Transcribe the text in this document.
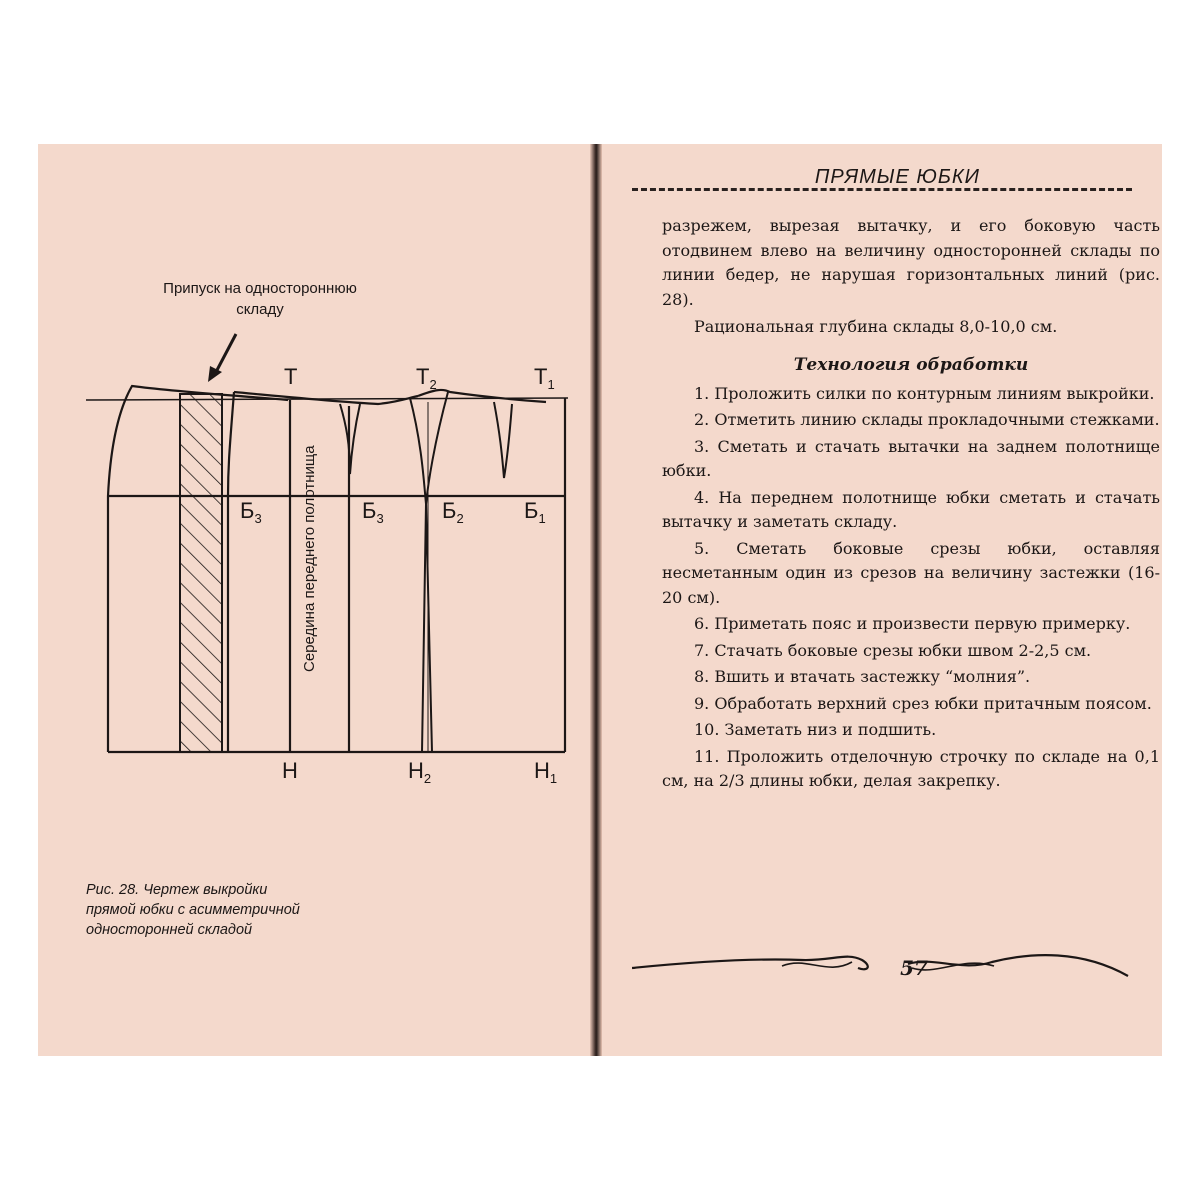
Припуск на одностороннюю
складу
Т	$Т_2$	$Т_1$
$Б_3$	$Б_3$	$Б_2$	$Б_1$
Н	$Н_2$	$Н_1$
Середина переднего полотнища
Рис. 28. Чертеж выкройки
прямой юбки с асимметричной
односторонней складой
ПРЯМЫЕ ЮБКИ

разрежем, вырезая вытачку, и его боковую часть отодвинем влево на величину односторонней склады по линии бедер, не нарушая горизонтальных линий (рис. 28).

Рациональная глубина склады 8,0-10,0 см.

Технология обработки

1. Проложить силки по контурным линиям выкройки.

2. Отметить линию склады прокладочными стежками.

3. Сметать и стачать вытачки на заднем полотнище юбки.

4. На переднем полотнище юбки сметать и стачать вытачку и заметать складу.

5. Сметать боковые срезы юбки, оставляя несметанным один из срезов на величину застежки (16-20 см).

6. Приметать пояс и произвести первую примерку.

7. Стачать боковые срезы юбки швом 2-2,5 см.

8. Вшить и втачать застежку “молния”.

9. Обработать верхний срез юбки притачным поясом.

10. Заметать низ и подшить.

11. Проложить отделочную строчку по складе на 0,1 см, на 2/3 длины юбки, делая закрепку.

57
